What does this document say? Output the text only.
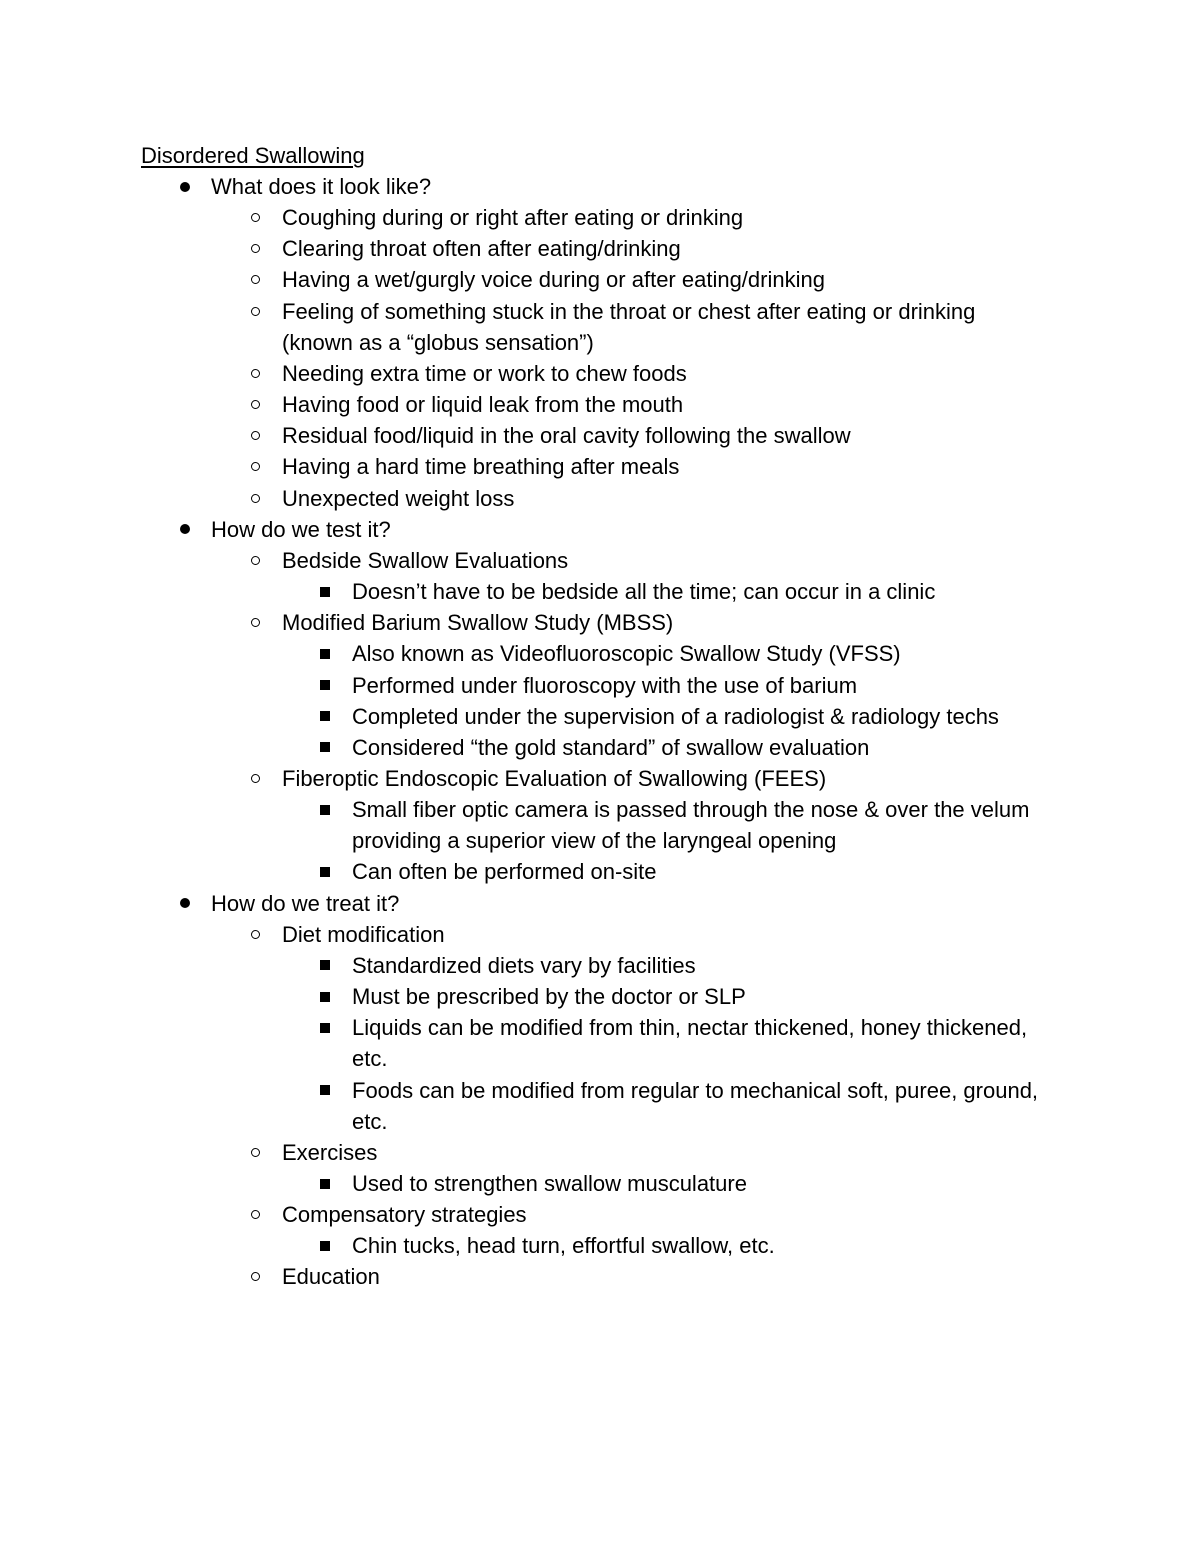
Disordered Swallowing
What does it look like?
Coughing during or right after eating or drinking
Clearing throat often after eating/drinking
Having a wet/gurgly voice during or after eating/drinking
Feeling of something stuck in the throat or chest after eating or drinking (known as a “globus sensation”)
Needing extra time or work to chew foods
Having food or liquid leak from the mouth
Residual food/liquid in the oral cavity following the swallow
Having a hard time breathing after meals
Unexpected weight loss
How do we test it?
Bedside Swallow Evaluations
Doesn’t have to be bedside all the time; can occur in a clinic
Modified Barium Swallow Study (MBSS)
Also known as Videofluoroscopic Swallow Study (VFSS)
Performed under fluoroscopy with the use of barium
Completed under the supervision of a radiologist & radiology techs
Considered “the gold standard” of swallow evaluation
Fiberoptic Endoscopic Evaluation of Swallowing (FEES)
Small fiber optic camera is passed through the nose & over the velum providing a superior view of the laryngeal opening
Can often be performed on-site
How do we treat it?
Diet modification
Standardized diets vary by facilities
Must be prescribed by the doctor or SLP
Liquids can be modified from thin, nectar thickened, honey thickened, etc.
Foods can be modified from regular to mechanical soft, puree, ground, etc.
Exercises
Used to strengthen swallow musculature
Compensatory strategies
Chin tucks, head turn, effortful swallow, etc.
Education
